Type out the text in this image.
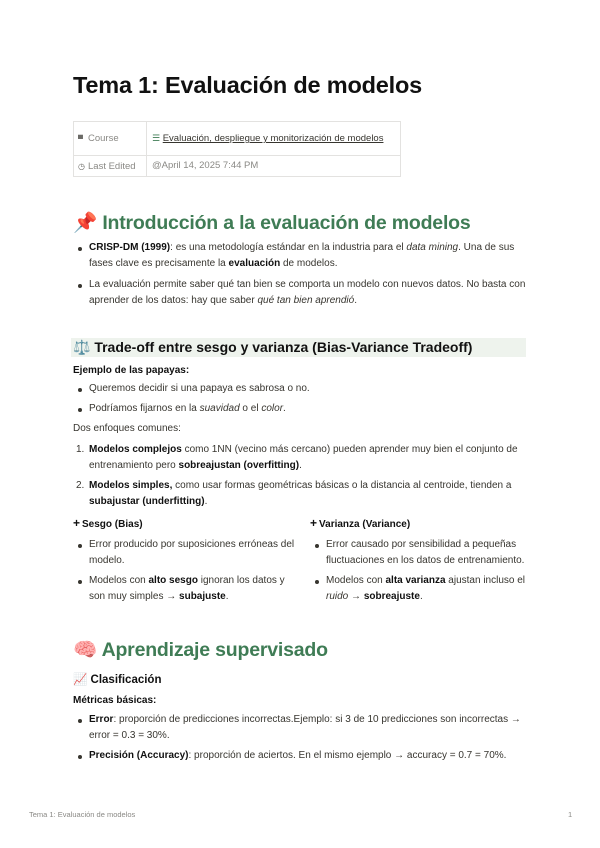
Tema 1: Evaluación de modelos
▀ Course	☰ Evaluación, despliegue y monitorización de modelos
◷ Last Edited	@April 14, 2025 7:44 PM
📌 Introducción a la evaluación de modelos
CRISP-DM (1999): es una metodología estándar en la industria para el data mining. Una de sus fases clave es precisamente la evaluación de modelos.
La evaluación permite saber qué tan bien se comporta un modelo con nuevos datos. No basta con aprender de los datos: hay que saber qué tan bien aprendió.
⚖️ Trade-off entre sesgo y varianza (Bias-Variance Tradeoff)
Ejemplo de las papayas:
Queremos decidir si una papaya es sabrosa o no.
Podríamos fijarnos en la suavidad o el color.
Dos enfoques comunes:
1. Modelos complejos como 1NN (vecino más cercano) pueden aprender muy bien el conjunto de entrenamiento pero sobreajustan (overfitting).
2. Modelos simples, como usar formas geométricas básicas o la distancia al centroide, tienden a subajustar (underfitting).
+ Sesgo (Bias)
Error producido por suposiciones erróneas del modelo.
Modelos con alto sesgo ignoran los datos y son muy simples → subajuste.
+ Varianza (Variance)
Error causado por sensibilidad a pequeñas fluctuaciones en los datos de entrenamiento.
Modelos con alta varianza ajustan incluso el ruido → sobreajuste.
🧠 Aprendizaje supervisado
📈 Clasificación
Métricas básicas:
Error: proporción de predicciones incorrectas.Ejemplo: si 3 de 10 predicciones son incorrectas → error = 0.3 = 30%.
Precisión (Accuracy): proporción de aciertos. En el mismo ejemplo → accuracy = 0.7 = 70%.
Tema 1: Evaluación de modelos	1
